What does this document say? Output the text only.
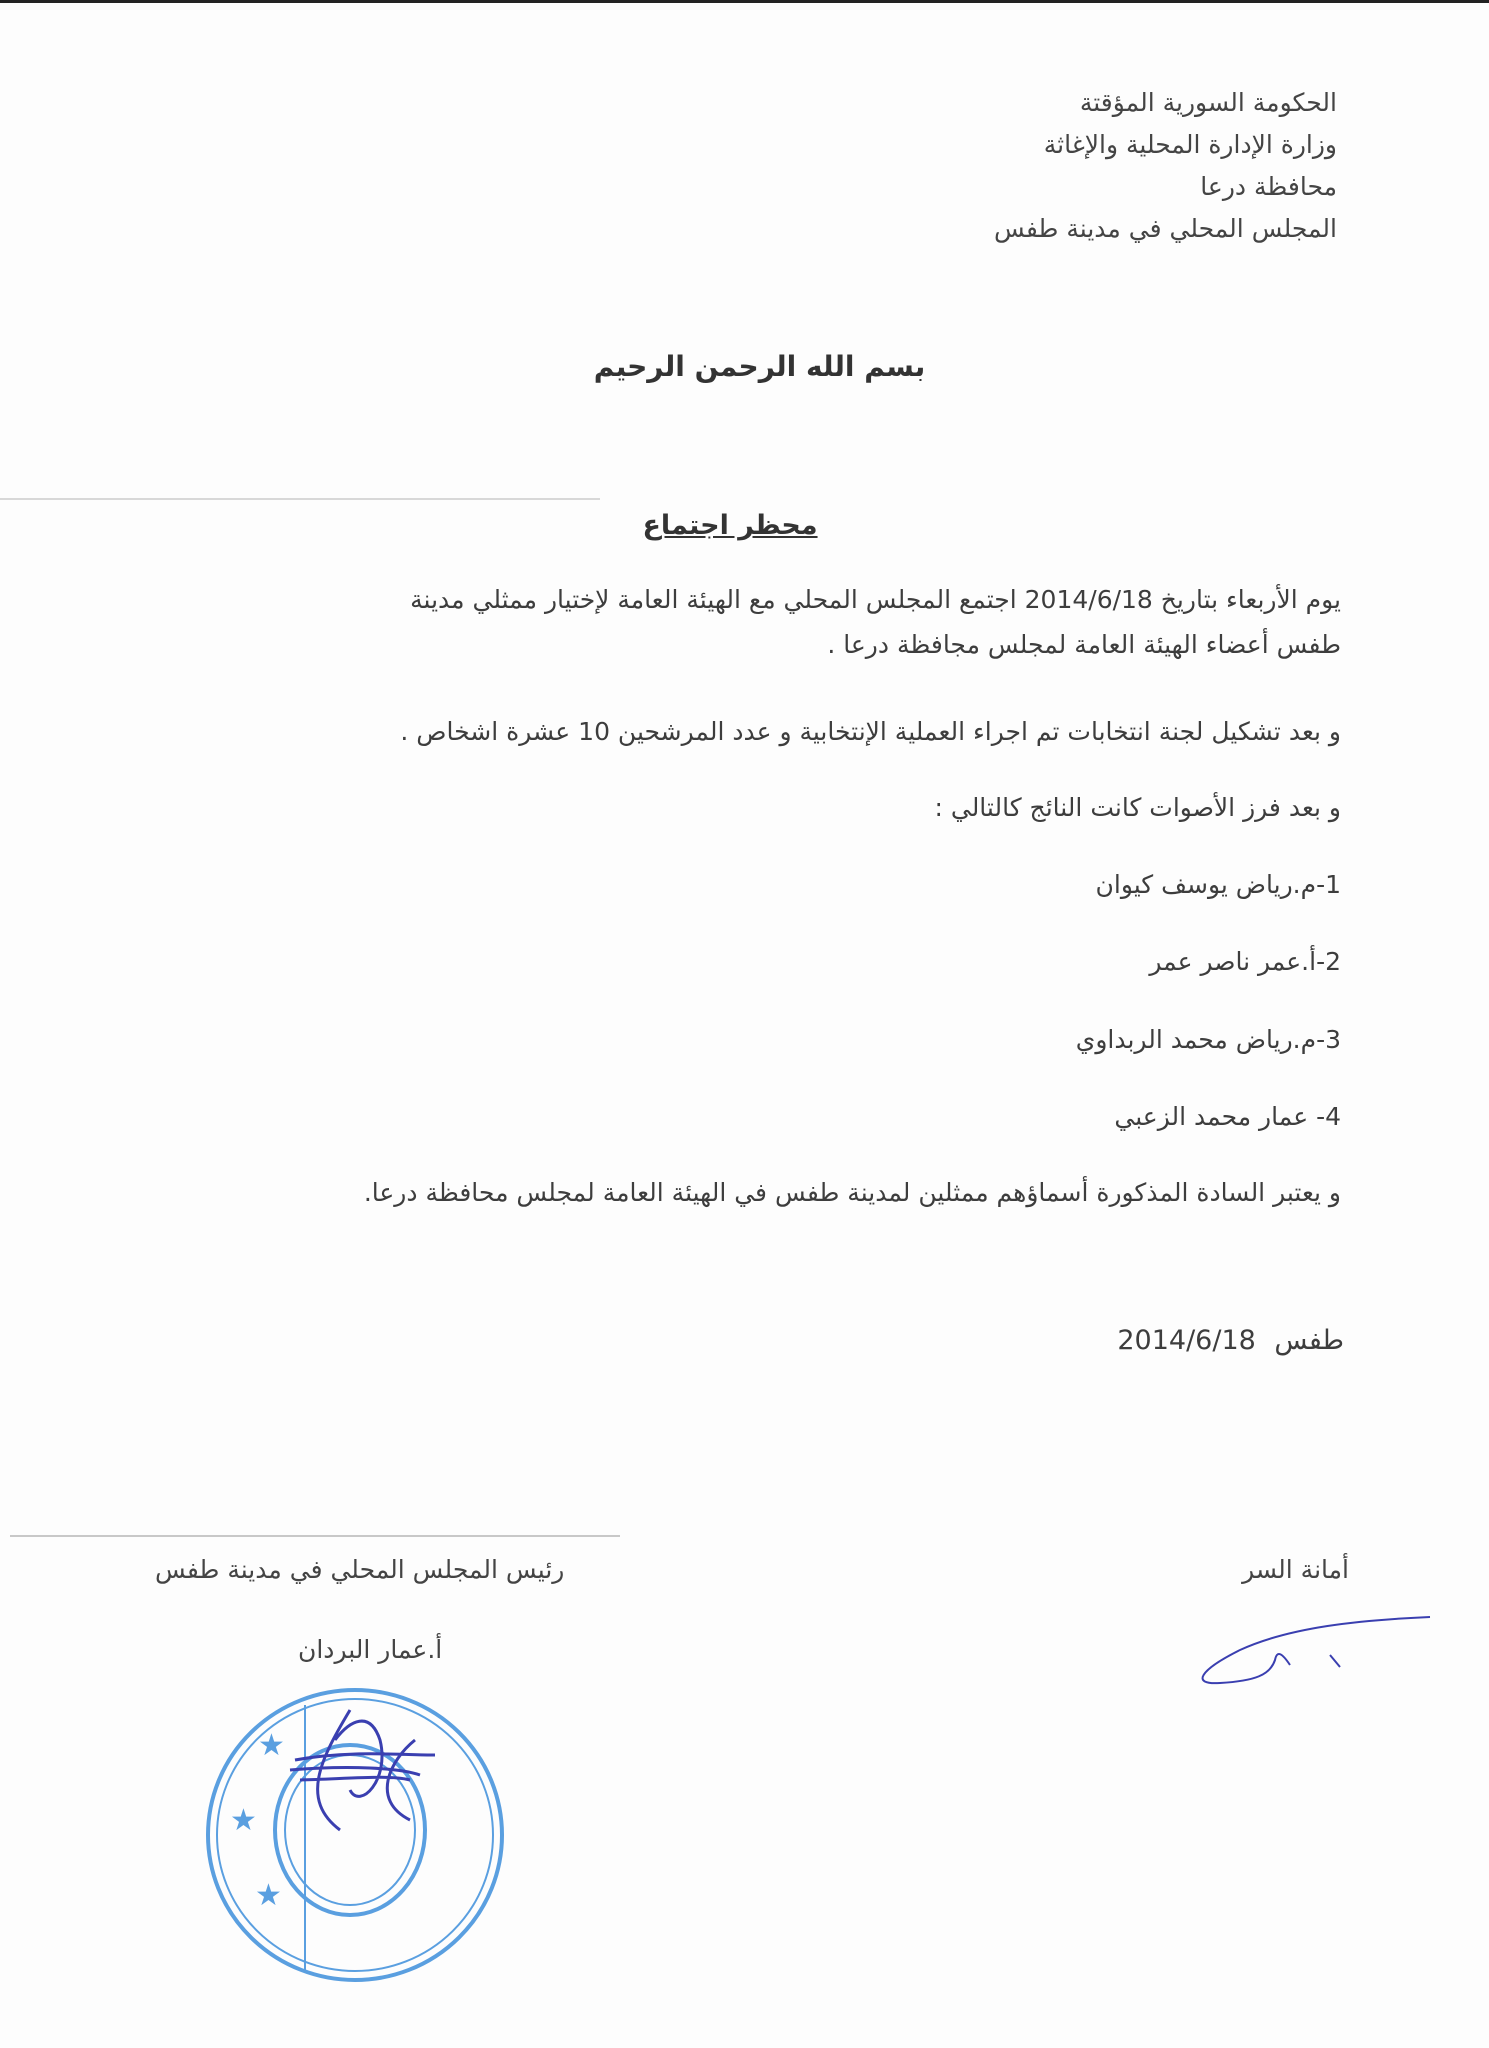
الحكومة السورية المؤقتة
وزارة الإدارة المحلية والإغاثة
محافظة درعا
المجلس المحلي في مدينة طفس
بسم الله الرحمن الرحيم
محظر اجتماع
يوم الأربعاء بتاريخ 2014/6/18 اجتمع المجلس المحلي مع الهيئة العامة لإختيار ممثلي مدينة
طفس أعضاء الهيئة العامة لمجلس مجافظة درعا .
و بعد تشكيل لجنة انتخابات تم اجراء العملية الإنتخابية و عدد المرشحين 10 عشرة اشخاص .
و بعد فرز الأصوات كانت النائج كالتالي :
1-م.رياض يوسف كيوان
2-أ.عمر ناصر عمر
3-م.رياض محمد الربداوي
4- عمار محمد الزعبي
و يعتبر السادة المذكورة أسماؤهم ممثلين لمدينة طفس في الهيئة العامة لمجلس محافظة درعا.
طفس 2014/6/18
أمانة السر
رئيس المجلس المحلي في مدينة طفس
أ.عمار البردان
★
★
★
